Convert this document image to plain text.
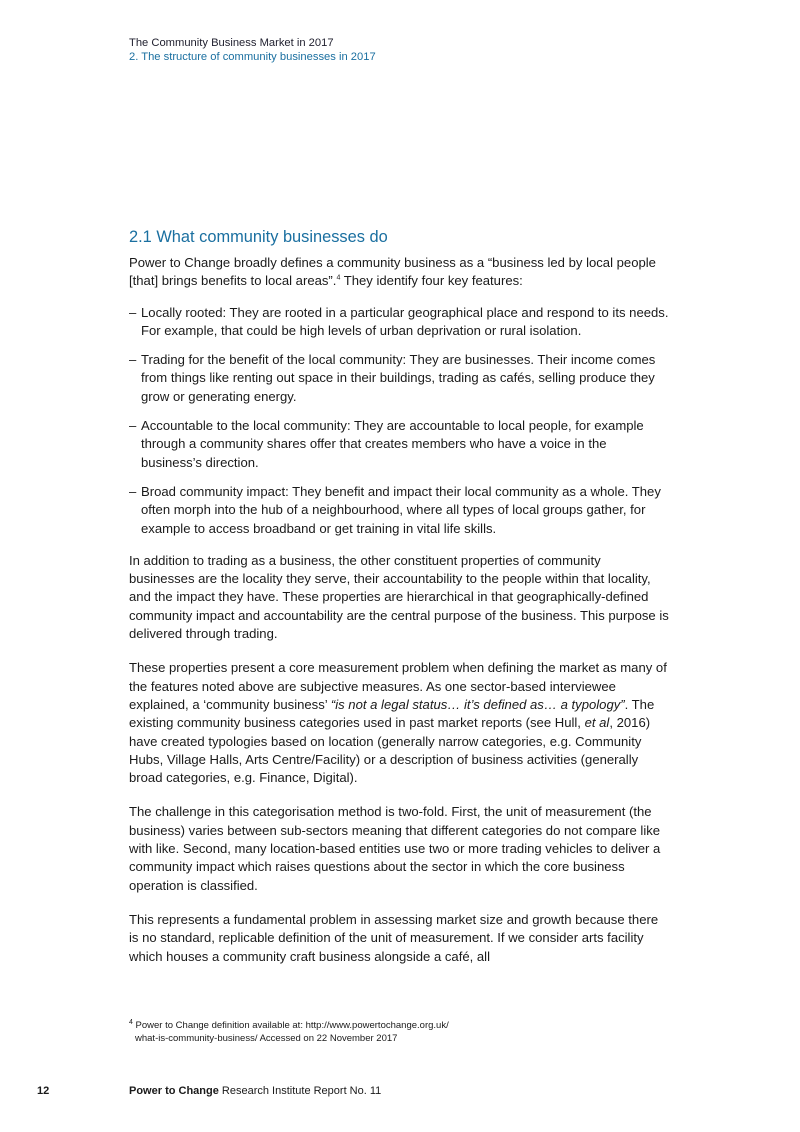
The Community Business Market in 2017
2. The structure of community businesses in 2017
2.1 What community businesses do

Power to Change broadly defines a community business as a “business led by local people [that] brings benefits to local areas”.$^4$ They identify four key features:

– Locally rooted: They are rooted in a particular geographical place and respond to its needs. For example, that could be high levels of urban deprivation or rural isolation.
– Trading for the benefit of the local community: They are businesses. Their income comes from things like renting out space in their buildings, trading as cafés, selling produce they grow or generating energy.
– Accountable to the local community: They are accountable to local people, for example through a community shares offer that creates members who have a voice in the business’s direction.
– Broad community impact: They benefit and impact their local community as a whole. They often morph into the hub of a neighbourhood, where all types of local groups gather, for example to access broadband or get training in vital life skills.

In addition to trading as a business, the other constituent properties of community businesses are the locality they serve, their accountability to the people within that locality, and the impact they have. These properties are hierarchical in that geographically-defined community impact and accountability are the central purpose of the business. This purpose is delivered through trading.

These properties present a core measurement problem when defining the market as many of the features noted above are subjective measures. As one sector-based interviewee explained, a ‘community business’ “is not a legal status… it’s defined as… a typology”. The existing community business categories used in past market reports (see Hull, et al, 2016) have created typologies based on location (generally narrow categories, e.g. Community Hubs, Village Halls, Arts Centre/Facility) or a description of business activities (generally broad categories, e.g. Finance, Digital).

The challenge in this categorisation method is two-fold. First, the unit of measurement (the business) varies between sub-sectors meaning that different categories do not compare like with like. Second, many location-based entities use two or more trading vehicles to deliver a community impact which raises questions about the sector in which the core business operation is classified.

This represents a fundamental problem in assessing market size and growth because there is no standard, replicable definition of the unit of measurement. If we consider arts facility which houses a community craft business alongside a café, all

$^4$ Power to Change definition available at: http://www.powertochange.org.uk/
what-is-community-business/ Accessed on 22 November 2017
12	Power to Change Research Institute Report No. 11
